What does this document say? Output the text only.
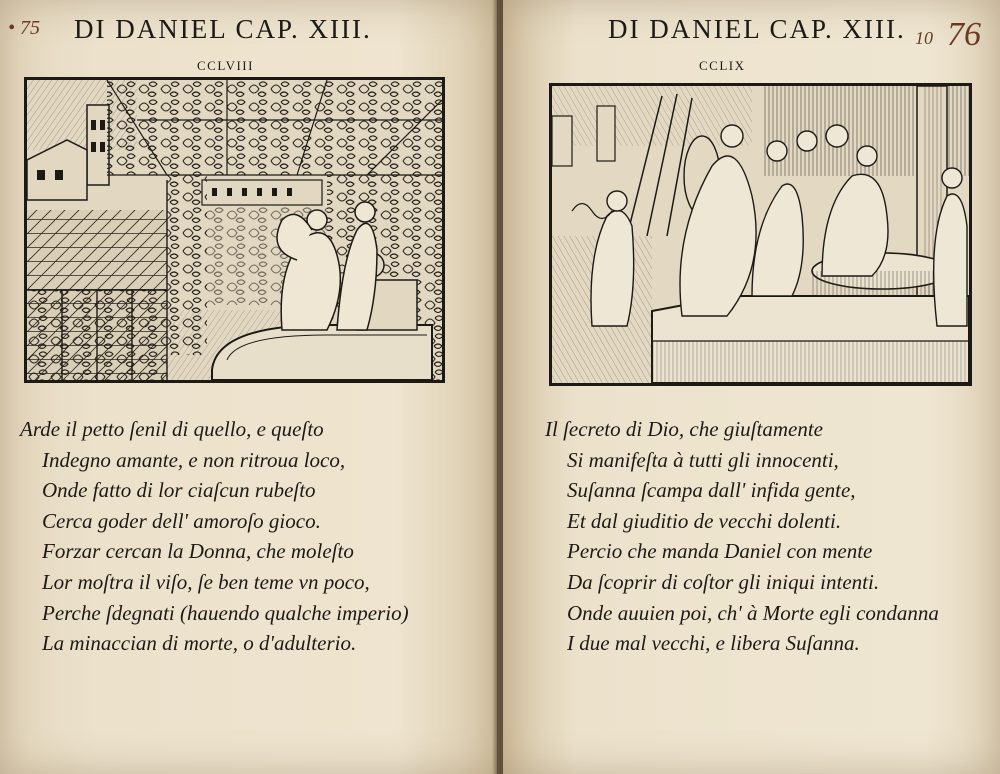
• 75 DI DANIEL CAP. XIII.
CCLVIII
Arde il petto ſenil di quello, e queſto
Indegno amante, e non ritroua loco,
Onde fatto di lor ciaſcun rubeſto
Cerca goder dell' amoroſo gioco.
Forzar cercan la Donna, che moleſto
Lor moſtra il viſo, ſe ben teme vn poco,
Perche ſdegnati (hauendo qualche imperio)
La minaccian di morte, o d'adulterio.
DI DANIEL CAP. XIII. 10 76
CCLIX
Il ſecreto di Dio, che giuſtamente
Si manifeſta à tutti gli innocenti,
Suſanna ſcampa dall' infida gente,
Et dal giuditio de vecchi dolenti.
Percio che manda Daniel con mente
Da ſcoprir di coſtor gli iniqui intenti.
Onde auuien poi, ch' à Morte egli condanna
I due mal vecchi, e libera Suſanna.
